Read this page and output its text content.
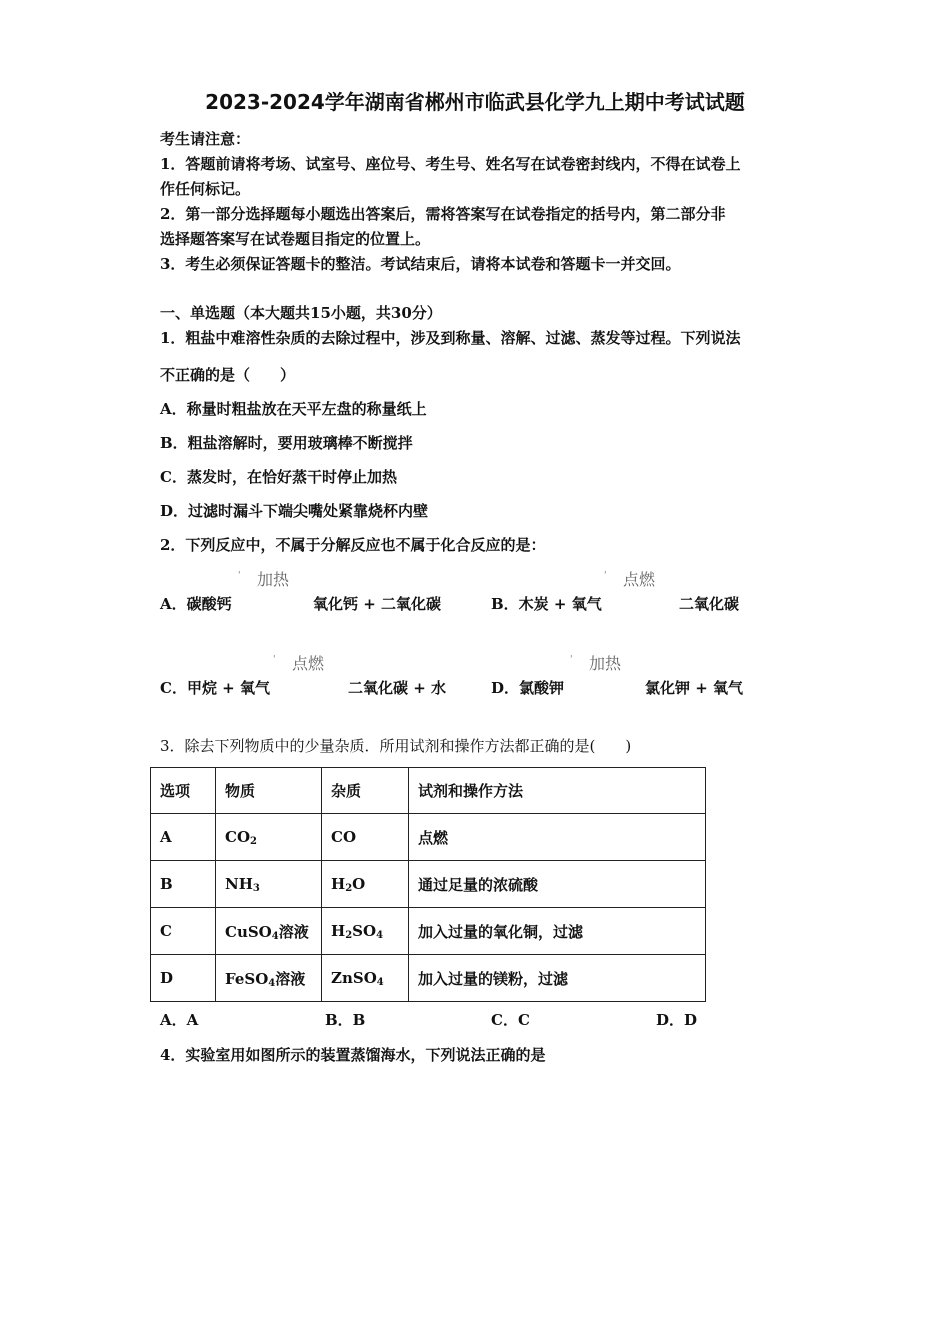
2023-2024学年湖南省郴州市临武县化学九上期中考试试题
考生请注意：
1．答题前请将考场、试室号、座位号、考生号、姓名写在试卷密封线内，不得在试卷上
作任何标记。
2．第一部分选择题每小题选出答案后，需将答案写在试卷指定的括号内，第二部分非
选择题答案写在试卷题目指定的位置上。
3．考生必须保证答题卡的整洁。考试结束后，请将本试卷和答题卡一并交回。
一、单选题（本大题共15小题，共30分）
1．粗盐中难溶性杂质的去除过程中，涉及到称量、溶解、过滤、蒸发等过程。下列说法
不正确的是（　　）
A．称量时粗盐放在天平左盘的称量纸上
B．粗盐溶解时，要用玻璃棒不断搅拌
C．蒸发时，在恰好蒸干时停止加热
D．过滤时漏斗下端尖嘴处紧靠烧杯内壁
2．下列反应中，不属于分解反应也不属于化合反应的是：
' 加热
A．碳酸钙	氧化钙 + 二氧化碳
' 点燃
B．木炭 + 氧气	二氧化碳
' 点燃
C．甲烷 + 氧气	二氧化碳 + 水
' 加热
D．氯酸钾	氯化钾 + 氧气
3．除去下列物质中的少量杂质．所用试剂和操作方法都正确的是(　　)
选项	物质	杂质	试剂和操作方法
A	$CO_2$	CO	点燃
B	$NH_3$	$H_2O$	通过足量的浓硫酸
C	CuSO$_4$溶液	$H_2SO_4$	加入过量的氧化铜，过滤
D	FeSO$_4$溶液	ZnSO$_4$	加入过量的镁粉，过滤
A．A	B．B	C．C	D．D
4．实验室用如图所示的装置蒸馏海水，下列说法正确的是
